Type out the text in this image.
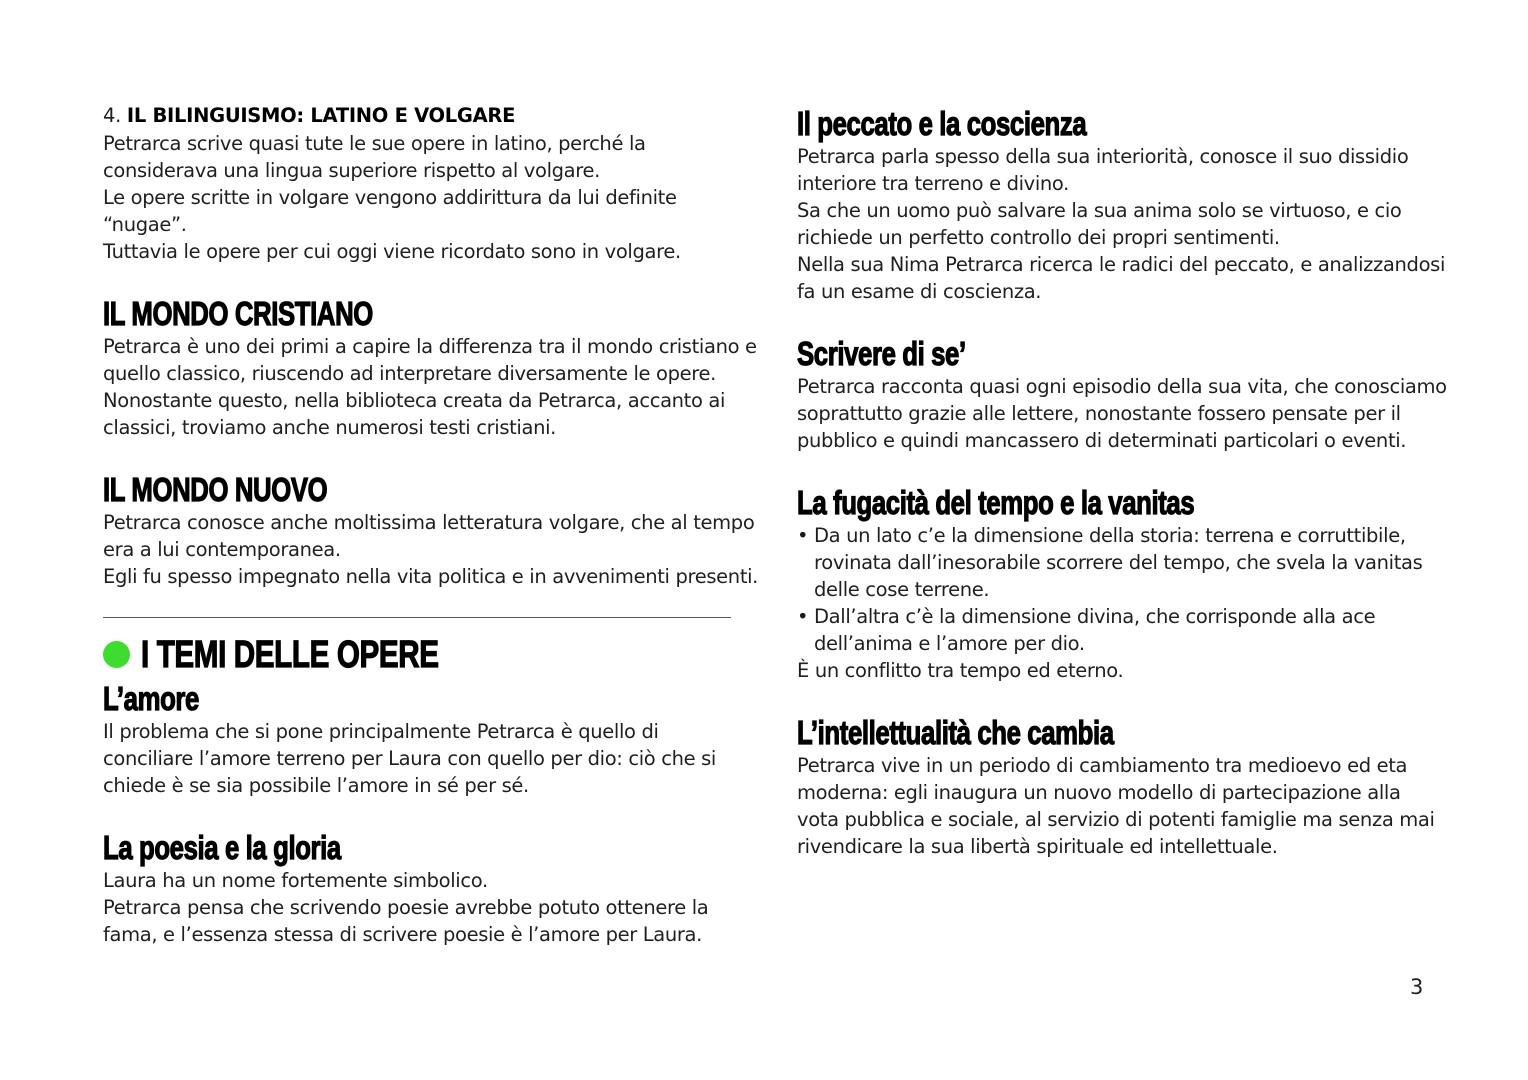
4. IL BILINGUISMO: LATINO E VOLGARE

Petrarca scrive quasi tute le sue opere in latino, perché la

considerava una lingua superiore rispetto al volgare.

Le opere scritte in volgare vengono addirittura da lui definite

“nugae”.

Tuttavia le opere per cui oggi viene ricordato sono in volgare.

IL MONDO CRISTIANO

Petrarca è uno dei primi a capire la differenza tra il mondo cristiano e

quello classico, riuscendo ad interpretare diversamente le opere.

Nonostante questo, nella biblioteca creata da Petrarca, accanto ai

classici, troviamo anche numerosi testi cristiani.

IL MONDO NUOVO

Petrarca conosce anche moltissima letteratura volgare, che al tempo

era a lui contemporanea.

Egli fu spesso impegnato nella vita politica e in avvenimenti presenti.

I TEMI DELLE OPERE
L’amore

Il problema che si pone principalmente Petrarca è quello di

conciliare l’amore terreno per Laura con quello per dio: ciò che si

chiede è se sia possibile l’amore in sé per sé.

La poesia e la gloria

Laura ha un nome fortemente simbolico.

Petrarca pensa che scrivendo poesie avrebbe potuto ottenere la

fama, e l’essenza stessa di scrivere poesie è l’amore per Laura.

Il peccato e la coscienza

Petrarca parla spesso della sua interiorità, conosce il suo dissidio

interiore tra terreno e divino.

Sa che un uomo può salvare la sua anima solo se virtuoso, e cio

richiede un perfetto controllo dei propri sentimenti.

Nella sua Nima Petrarca ricerca le radici del peccato, e analizzandosi

fa un esame di coscienza.

Scrivere di se’

Petrarca racconta quasi ogni episodio della sua vita, che conosciamo

soprattutto grazie alle lettere, nonostante fossero pensate per il

pubblico e quindi mancassero di determinati particolari o eventi.

La fugacità del tempo e la vanitas
• Da un lato c’e la dimensione della storia: terrena e corruttibile,

rovinata dall’inesorabile scorrere del tempo, che svela la vanitas

delle cose terrene.

• Dall’altra c’è la dimensione divina, che corrisponde alla ace

dell’anima e l’amore per dio.

È un conflitto tra tempo ed eterno.

L’intellettualità che cambia

Petrarca vive in un periodo di cambiamento tra medioevo ed eta

moderna: egli inaugura un nuovo modello di partecipazione alla

vota pubblica e sociale, al servizio di potenti famiglie ma senza mai

rivendicare la sua libertà spirituale ed intellettuale.

3
